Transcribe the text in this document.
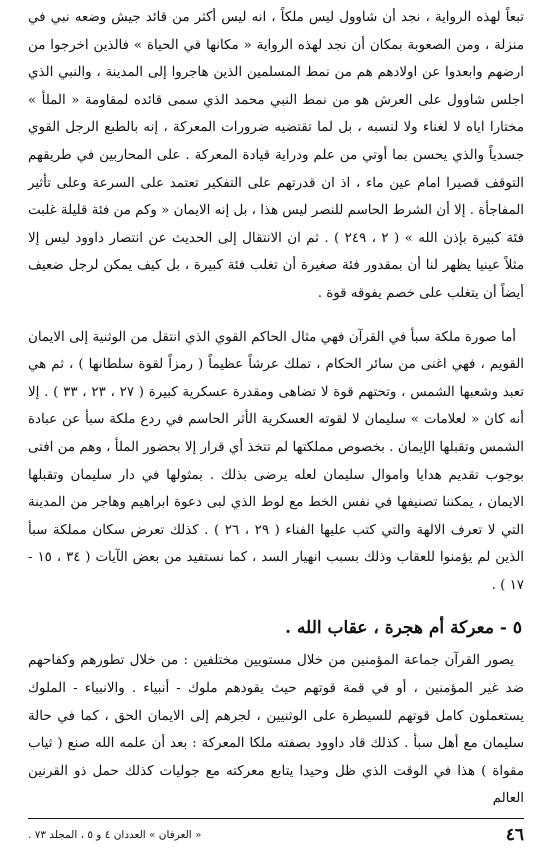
تبعاً لهذه الرواية ، نجد أن شاوول ليس ملكاً ، انه ليس أكثر من قائد جيش وضعه نبي في منزلة ، ومن الصعوبة بمكان أن نجد لهذه الرواية « مكانها في الحياة » فالذين اخرجوا من ارضهم وابعدوا عن اولادهم هم من نمط المسلمين الذين هاجروا إلى المدينة ، والنبي الذي اجلس شاوول على العرش هو من نمط النبي محمد الذي سمى قائده لمقاومة « الملأ » مختارا اياه لا لغناء ولا لنسبه ، بل لما تقتضيه ضرورات المعركة ، إنه بالطبع الرجل القوي جسدياً والذي يحسن بما أوتي من علم ودراية قيادة المعركة . على المحاربين في طريقهم التوقف قصيرا امام عين ماء ، اذ ان قدرتهم على التفكير تعتمد على السرعة وعلى تأثير المفاجأة . إلا أن الشرط الحاسم للنصر ليس هذا ، بل إنه الايمان « وكم من فئة قليلة غلبت فئة كبيرة بإذن الله » ( ٢ ، ٢٤٩ ) . ثم ان الانتقال إلى الحديث عن انتصار داوود ليس إلا مثلاً عينيا يظهر لنا أن بمقدور فئة صغيرة أن تغلب فئة كبيرة ، بل كيف يمكن لرجل ضعيف أيضاً أن يتغلب على خصم يفوقه قوة .

أما صورة ملكة سبأ في القرآن فهي مثال الحاكم القوي الذي انتقل من الوثنية إلى الايمان القويم ، فهي اغنى من سائر الحكام ، تملك عرشاً عظيماً ( رمزاً لقوة سلطانها ) ، ثم هي تعبد وشعبها الشمس ، وتحتهم قوة لا تضاهى ومقدرة عسكرية كبيرة ( ٢٧ ، ٢٣ ، ٣٣ ) . إلا أنه كان « لعلامات » سليمان لا لقوته العسكرية الأثر الحاسم في ردع ملكة سبأ عن عبادة الشمس وتقبلها الإيمان . بخصوص مملكتها لم تتخذ أي قرار إلا بحضور الملأ ، وهم من افتى بوجوب تقديم هدايا واموال سليمان لعله يرضى بذلك . بمثولها في دار سليمان وتقبلها الايمان ، يمكننا تصنيفها في نفس الخط مع لوط الذي لبى دعوة ابراهيم وهاجر من المدينة التي لا تعرف الالهة والتي كتب عليها الفناء ( ٢٩ ، ٢٦ ) . كذلك تعرض سكان مملكة سبأ الذين لم يؤمنوا للعقاب وذلك بسبب انهيار السد ، كما نستفيد من بعض الآيات ( ٣٤ ، ١٥ - ١٧ ) .

٥ - معركة أم هجرة ، عقاب الله .

يصور القرآن جماعة المؤمنين من خلال مستويين مختلفين : من خلال تطورهم وكفاحهم ضد غير المؤمنين ، أو في قمة قوتهم حيث يقودهم ملوك - أنبياء . والانبياء - الملوك يستعملون كامل قوتهم للسيطرة على الوثنيين ، لجرهم إلى الايمان الحق ، كما في حالة سليمان مع أهل سبأ . كذلك قاد داوود بصفته ملكا المعركة : بعد أن علمه الله صنع ( ثياب مقواة ) هذا في الوقت الذي ظل وحيدا يتابع معركته مع جوليات كذلك حمل ذو القرنين العالم

٤٦
« العرفان » العددان ٤ و ٥ ، المجلد ٧٣ .
